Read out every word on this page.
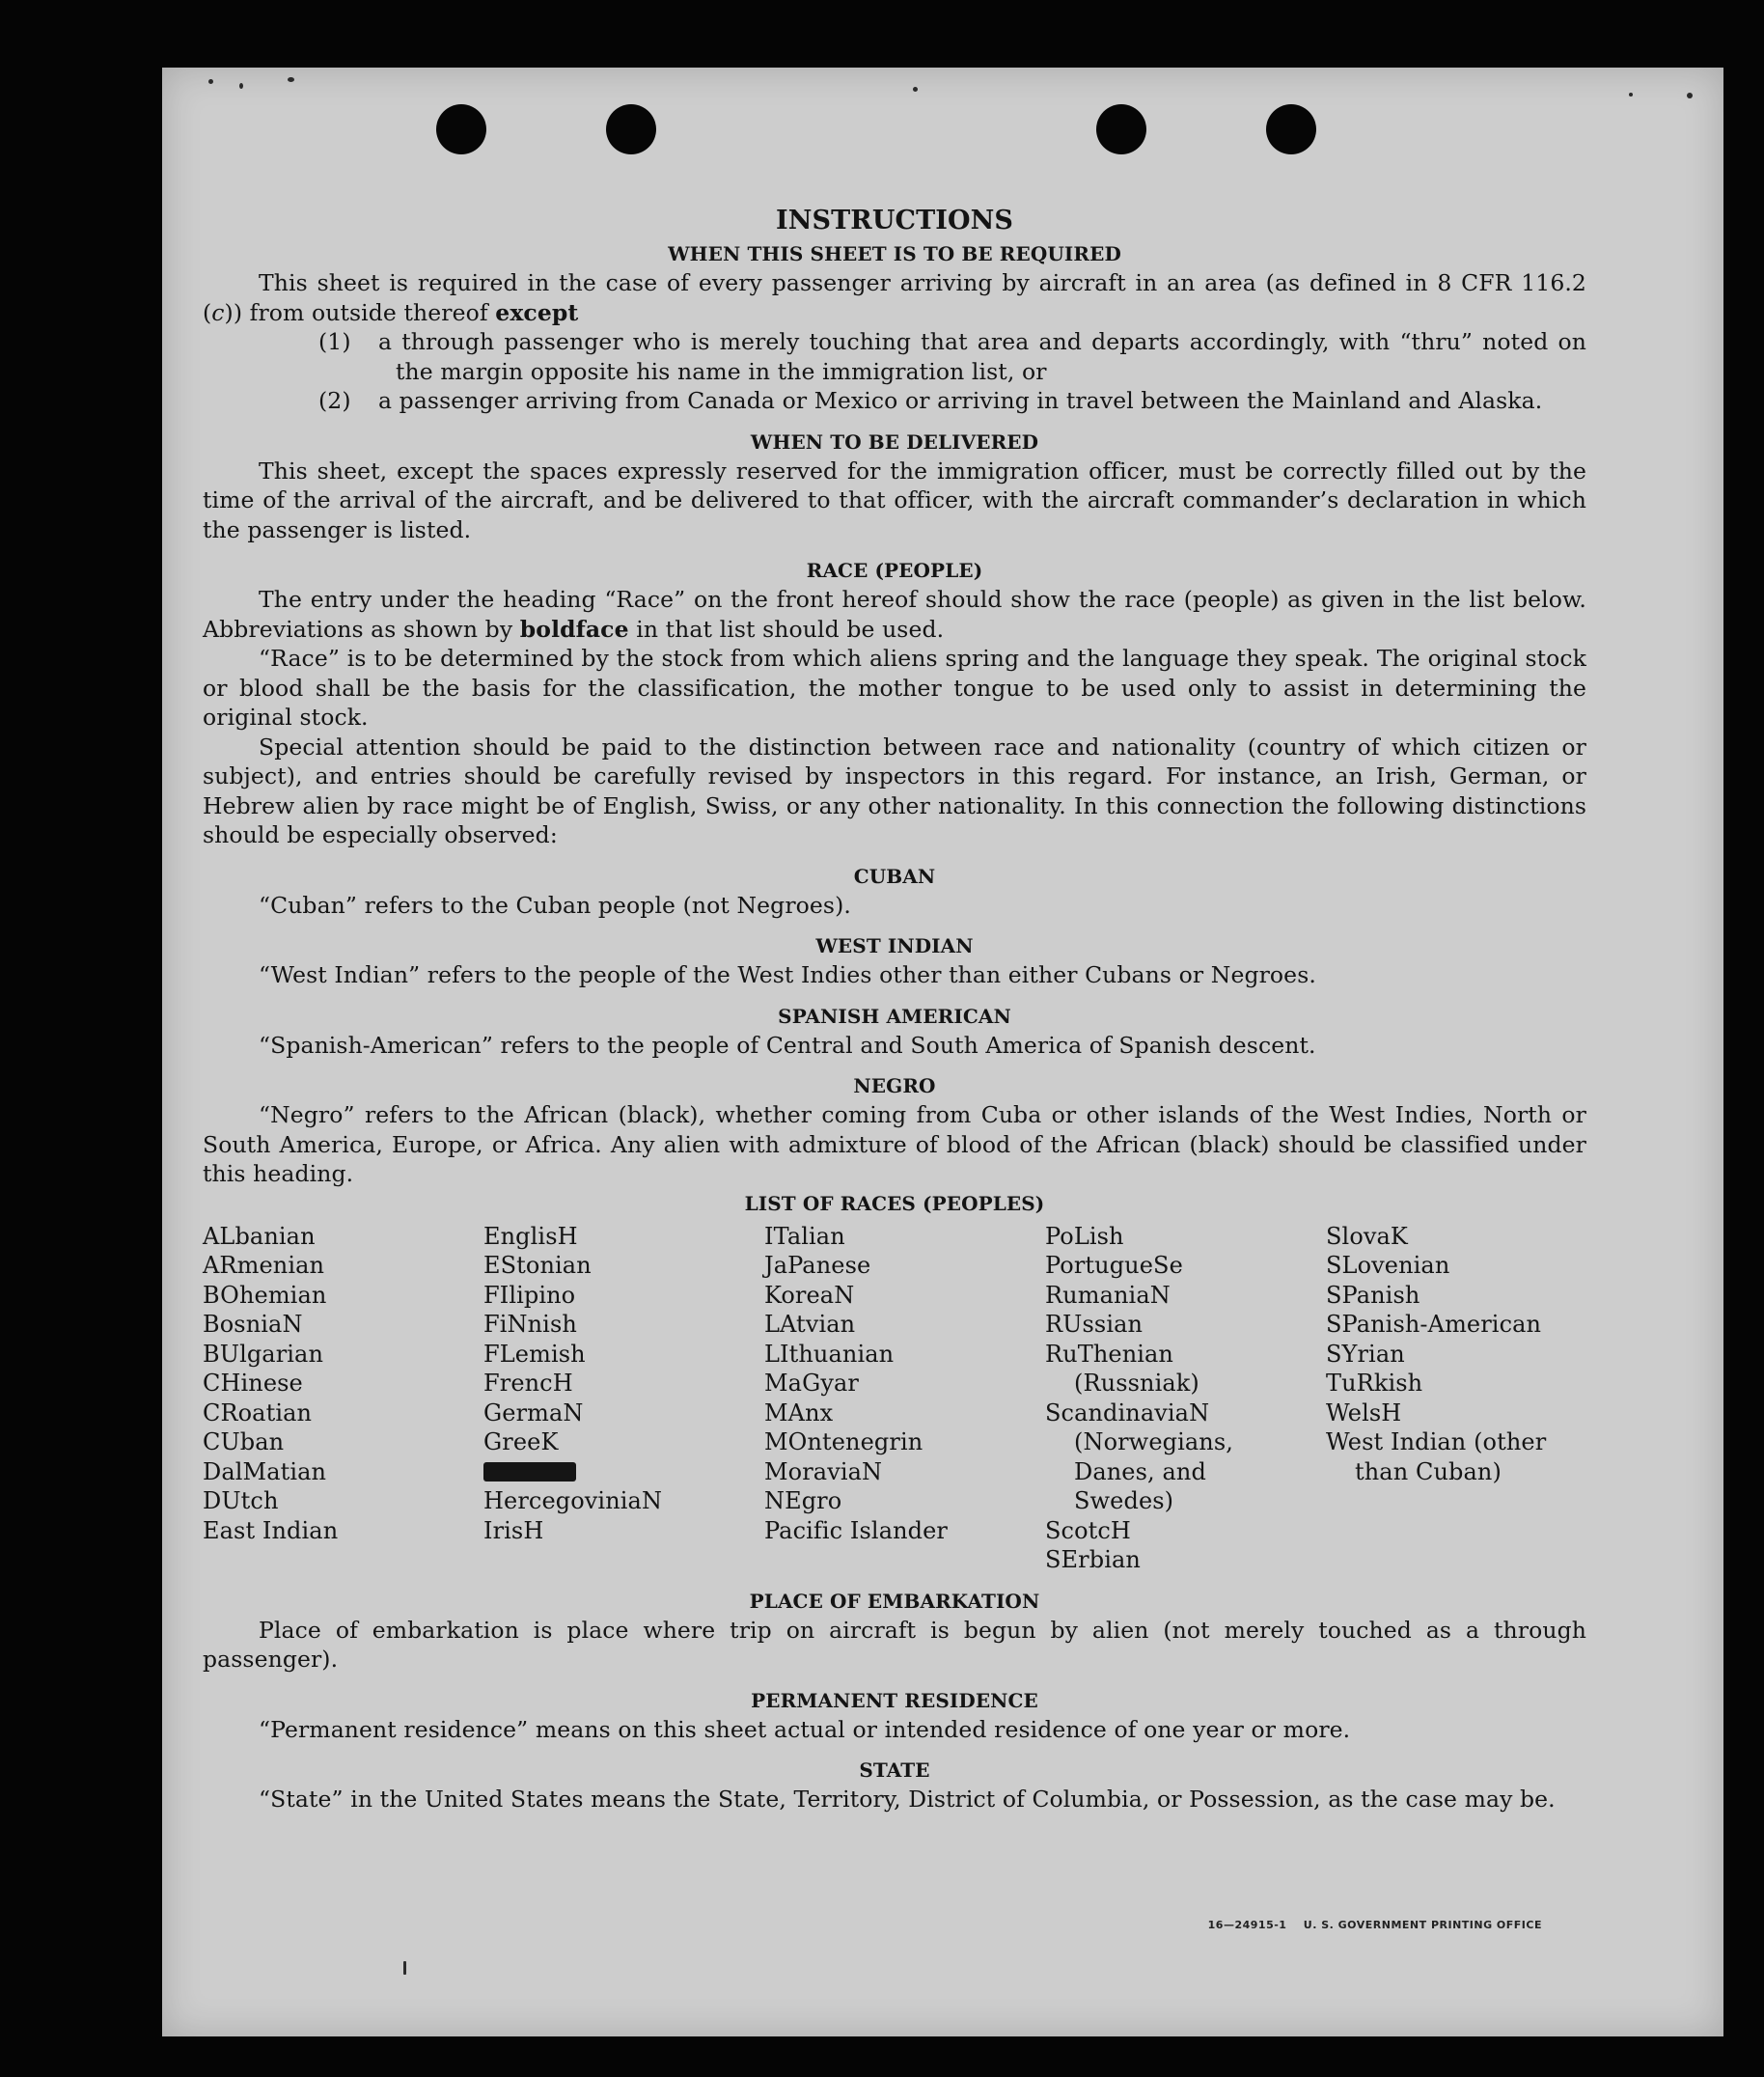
INSTRUCTIONS
WHEN THIS SHEET IS TO BE REQUIRED

This sheet is required in the case of every passenger arriving by aircraft in an area (as defined in 8 CFR 116.2 (c)) from outside thereof except

(1) a through passenger who is merely touching that area and departs accordingly, with “thru” noted on the margin opposite his name in the immigration list, or

(2) a passenger arriving from Canada or Mexico or arriving in travel between the Mainland and Alaska.

WHEN TO BE DELIVERED

This sheet, except the spaces expressly reserved for the immigration officer, must be correctly filled out by the time of the arrival of the aircraft, and be delivered to that officer, with the aircraft commander’s declaration in which the passenger is listed.

RACE (PEOPLE)

The entry under the heading “Race” on the front hereof should show the race (people) as given in the list below. Abbreviations as shown by boldface in that list should be used.

“Race” is to be determined by the stock from which aliens spring and the language they speak. The original stock or blood shall be the basis for the classification, the mother tongue to be used only to assist in determining the original stock.

Special attention should be paid to the distinction between race and nationality (country of which citizen or subject), and entries should be carefully revised by inspectors in this regard. For instance, an Irish, German, or Hebrew alien by race might be of English, Swiss, or any other nationality. In this connection the following distinctions should be especially observed:

CUBAN

“Cuban” refers to the Cuban people (not Negroes).

WEST INDIAN

“West Indian” refers to the people of the West Indies other than either Cubans or Negroes.

SPANISH AMERICAN

“Spanish-American” refers to the people of Central and South America of Spanish descent.

NEGRO

“Negro” refers to the African (black), whether coming from Cuba or other islands of the West Indies, North or South America, Europe, or Africa. Any alien with admixture of blood of the African (black) should be classified under this heading.

LIST OF RACES (PEOPLES)
ALbanian
ARmenian
BOhemian
BosniaN
BUlgarian
CHinese
CRoatian
CUban
DalMatian
DUtch
East Indian
EnglisH
EStonian
FIlipino
FiNnish
FLemish
FrencH
GermaN
GreeK
HercegoviniaN
IrisH
ITalian
JaPanese
KoreaN
LAtvian
LIthuanian
MaGyar
MAnx
MOntenegrin
MoraviaN
NEgro
Pacific Islander
PoLish
PortugueSe
RumaniaN
RUssian
RuThenian (Russniak)
ScandinaviaN (Norwegians, Danes, and Swedes)
ScotcH
SErbian
SlovaK
SLovenian
SPanish
SPanish-American
SYrian
TuRkish
WelsH
West Indian (other than Cuban)
PLACE OF EMBARKATION

Place of embarkation is place where trip on aircraft is begun by alien (not merely touched as a through passenger).

PERMANENT RESIDENCE

“Permanent residence” means on this sheet actual or intended residence of one year or more.

STATE

“State” in the United States means the State, Territory, District of Columbia, or Possession, as the case may be.

16—24915-1 U. S. GOVERNMENT PRINTING OFFICE
